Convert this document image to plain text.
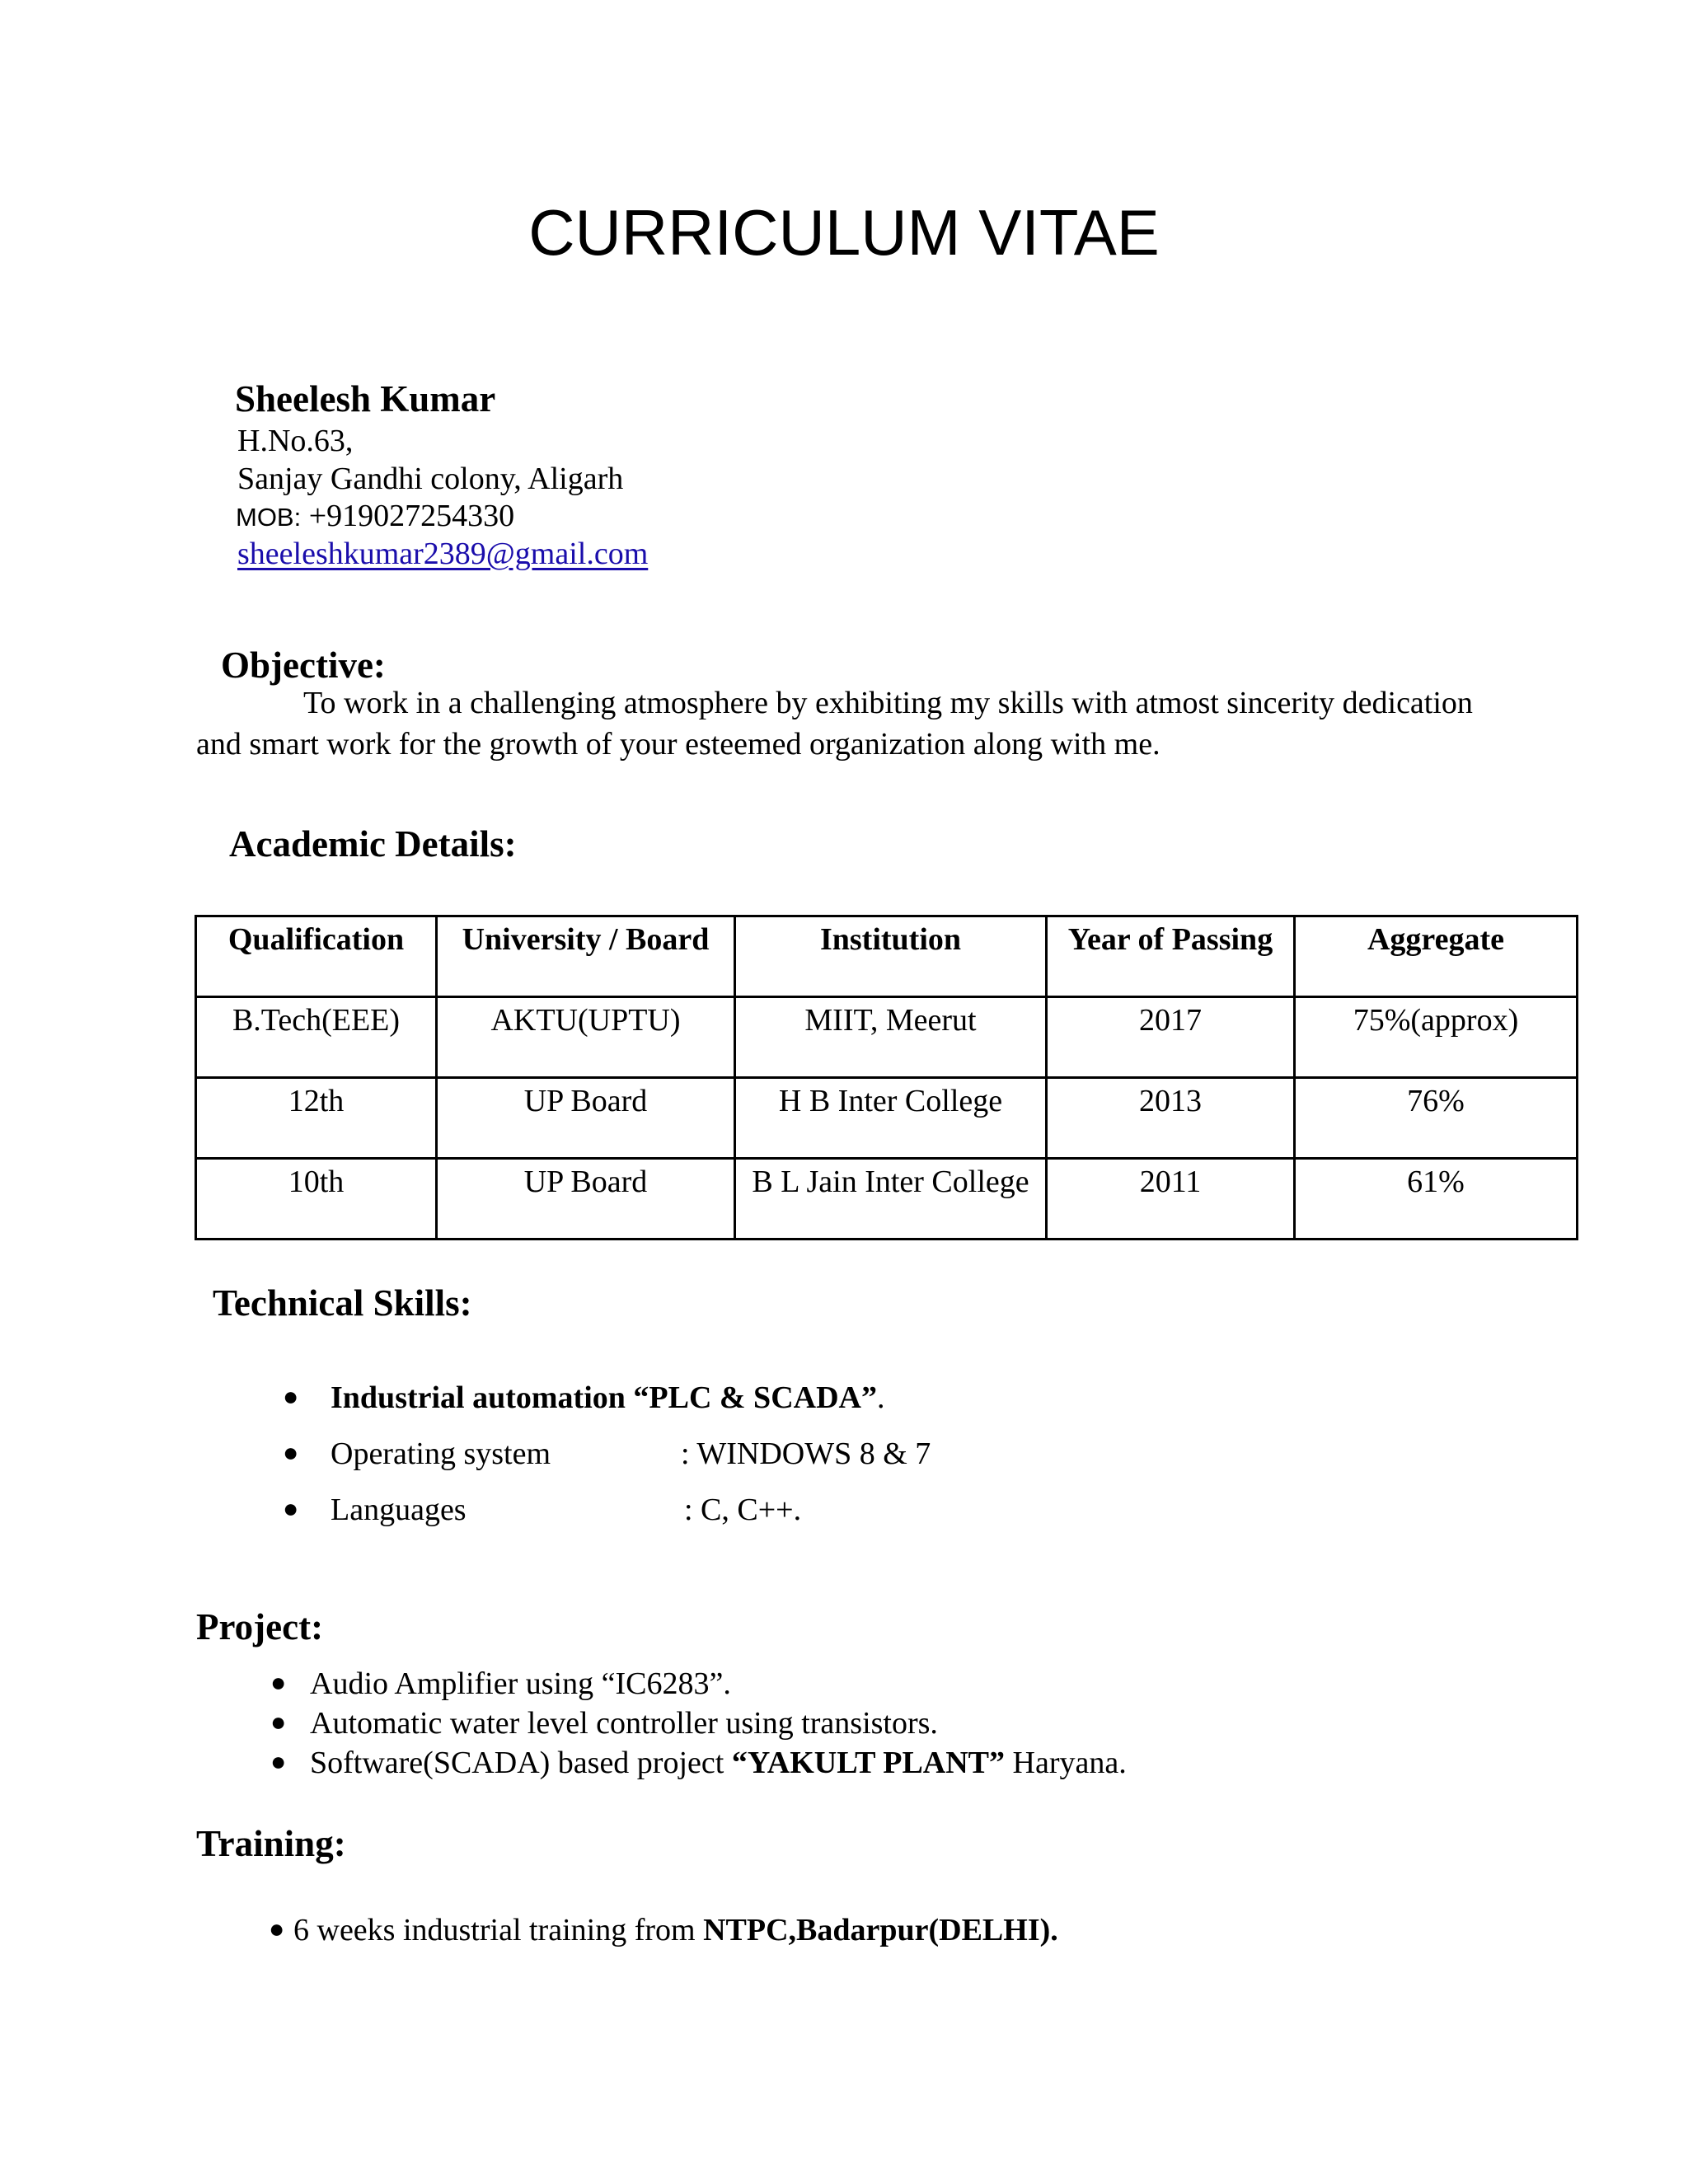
CURRICULUM VITAE
Sheelesh Kumar
H.No.63,
Sanjay Gandhi colony, Aligarh
MOB: +919027254330
sheeleshkumar2389@gmail.com
Objective:
To work in a challenging atmosphere by exhibiting my skills with atmost sincerity dedication and smart work for the growth of your esteemed organization along with me.
Academic Details:
Qualification	University / Board	Institution	Year of Passing	Aggregate
B.Tech(EEE)	AKTU(UPTU)	MIIT, Meerut	2017	75%(approx)
12th	UP Board	H B Inter College	2013	76%
10th	UP Board	B L Jain Inter College	2011	61%
Technical Skills:
● Industrial automation “PLC & SCADA”.
● Operating system	: WINDOWS 8 & 7
● Languages	: C, C++.
Project:
● Audio Amplifier using “IC6283”.
● Automatic water level controller using transistors.
● Software(SCADA) based project “YAKULT PLANT” Haryana.
Training:
● 6 weeks industrial training from NTPC,Badarpur(DELHI).
